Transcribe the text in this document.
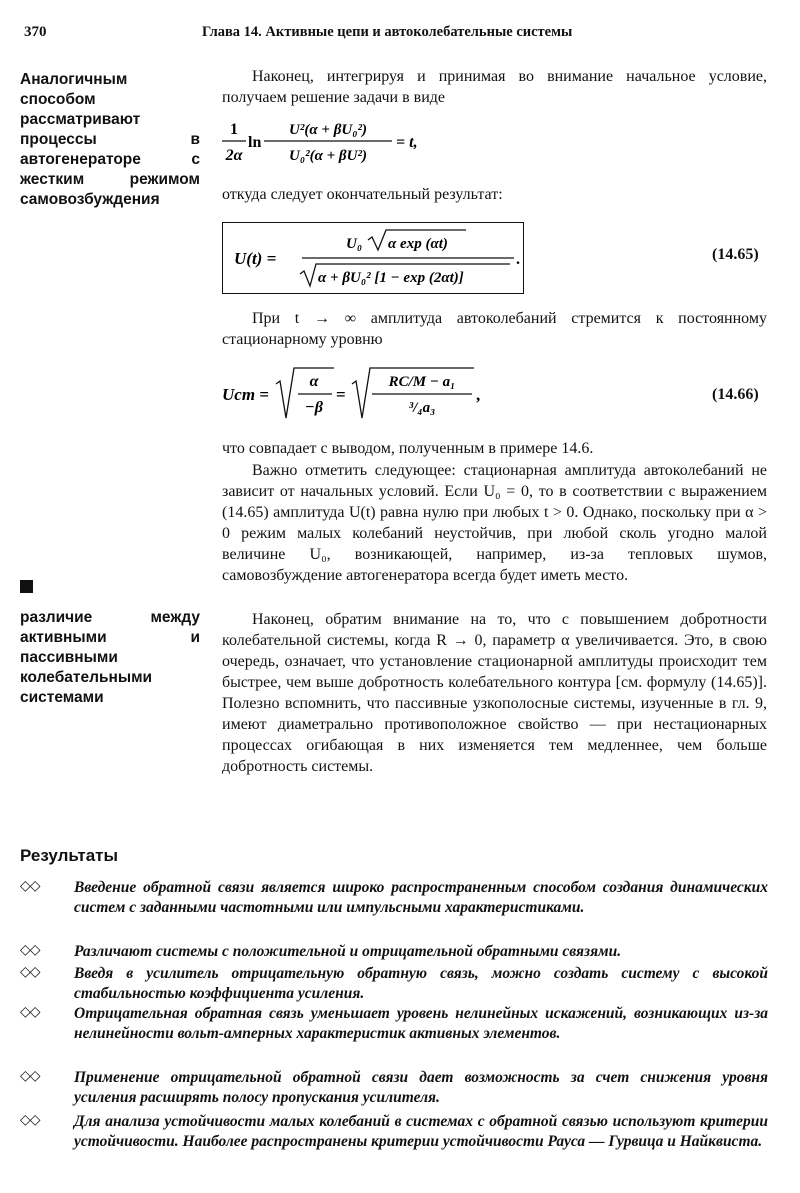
370	Глава 14. Активные цепи и автоколебательные системы
Аналогичным способом рассматривают процессы в автогенераторе с жестким режимом самовозбуждения
различие между активными и пассивными колебательными системами
Наконец, интегрируя и принимая во внимание начальное условие, получаем решение задачи в виде
1
2α
ln
U²(α + βU₀²)
U₀²(α + βU²)
= t,
откуда следует окончательный результат:
U(t) =
U₀ α exp (αt)
α + βU₀² [1 − exp (2αt)]
.	(14.65)
При t → ∞ амплитуда автоколебаний стремится к постоянному стационарному уровню
Uст =
α
−β
=
RC/M − a₁
³/₄a₃
,	(14.66)
что совпадает с выводом, полученным в примере 14.6.
Важно отметить следующее: стационарная амплитуда автоколебаний не зависит от начальных условий. Если U₀ = 0, то в соответствии с выражением (14.65) амплитуда U(t) равна нулю при любых t > 0. Однако, поскольку при α > 0 режим малых колебаний неустойчив, при любой сколь угодно малой величине U₀, возникающей, например, из-за тепловых шумов, самовозбуждение автогенератора всегда будет иметь место.
Наконец, обратим внимание на то, что с повышением добротности колебательной системы, когда R → 0, параметр α увеличивается. Это, в свою очередь, означает, что установление стационарной амплитуды происходит тем быстрее, чем выше добротность колебательного контура [см. формулу (14.65)]. Полезно вспомнить, что пассивные узкополосные системы, изученные в гл. 9, имеют диаметрально противоположное свойство — при нестационарных процессах огибающая в них изменяется тем медленнее, чем больше добротность системы.
Результаты
◇◇ Введение обратной связи является широко распространенным способом создания динамических систем с заданными частотными или импульсными характеристиками.
◇◇ Различают системы с положительной и отрицательной обратными связями.
◇◇ Введя в усилитель отрицательную обратную связь, можно создать систему с высокой стабильностью коэффициента усиления.
◇◇ Отрицательная обратная связь уменьшает уровень нелинейных искажений, возникающих из-за нелинейности вольт-амперных характеристик активных элементов.
◇◇ Применение отрицательной обратной связи дает возможность за счет снижения уровня усиления расширять полосу пропускания усилителя.
◇◇ Для анализа устойчивости малых колебаний в системах с обратной связью используют критерии устойчивости. Наиболее распространены критерии устойчивости Рауса — Гурвица и Найквиста.
